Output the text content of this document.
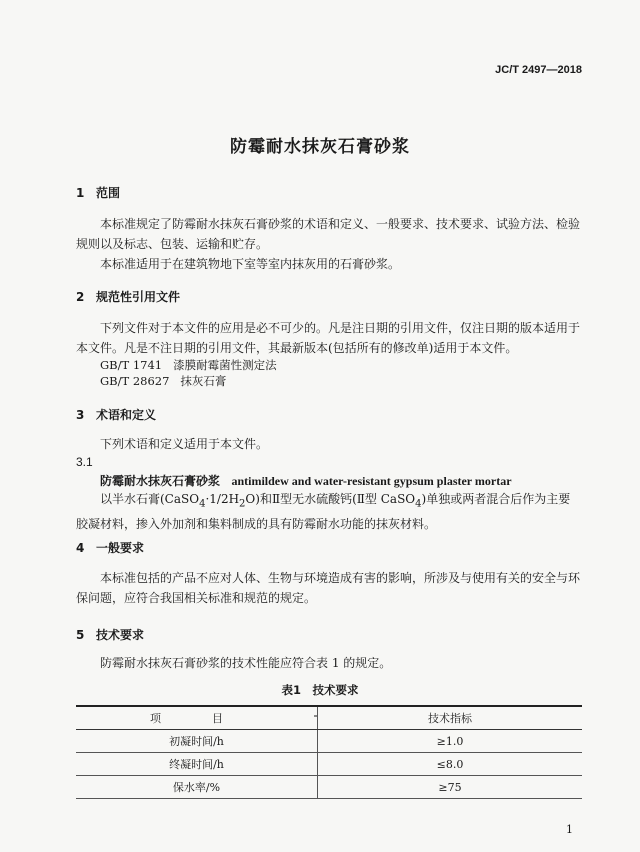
JC/T 2497—2018
防霉耐水抹灰石膏砂浆
1 范围

本标准规定了防霉耐水抹灰石膏砂浆的术语和定义、一般要求、技术要求、试验方法、检验规则以及标志、包装、运输和贮存。

本标准适用于在建筑物地下室等室内抹灰用的石膏砂浆。

2 规范性引用文件

下列文件对于本文件的应用是必不可少的。凡是注日期的引用文件，仅注日期的版本适用于本文件。凡是不注日期的引用文件，其最新版本(包括所有的修改单)适用于本文件。

GB/T 1741 漆膜耐霉菌性测定法
GB/T 28627 抹灰石膏
3 术语和定义

下列术语和定义适用于本文件。

3.1
防霉耐水抹灰石膏砂浆 antimildew and water-resistant gypsum plaster mortar

以半水石膏$(CaSO_4\cdot 1/2H_2O)$和Ⅱ型无水硫酸钙(Ⅱ型 CaSO$_4$)单独或两者混合后作为主要胶凝材料，掺入外加剂和集料制成的具有防霉耐水功能的抹灰材料。

4 一般要求

本标准包括的产品不应对人体、生物与环境造成有害的影响，所涉及与使用有关的安全与环保问题，应符合我国相关标准和规范的规定。

5 技术要求

防霉耐水抹灰石膏砂浆的技术性能应符合表 1 的规定。

表1　技术要求
项　目	技术指标
初凝时间/h	≥1.0
终凝时间/h	≤8.0
保水率/%	≥75
1
